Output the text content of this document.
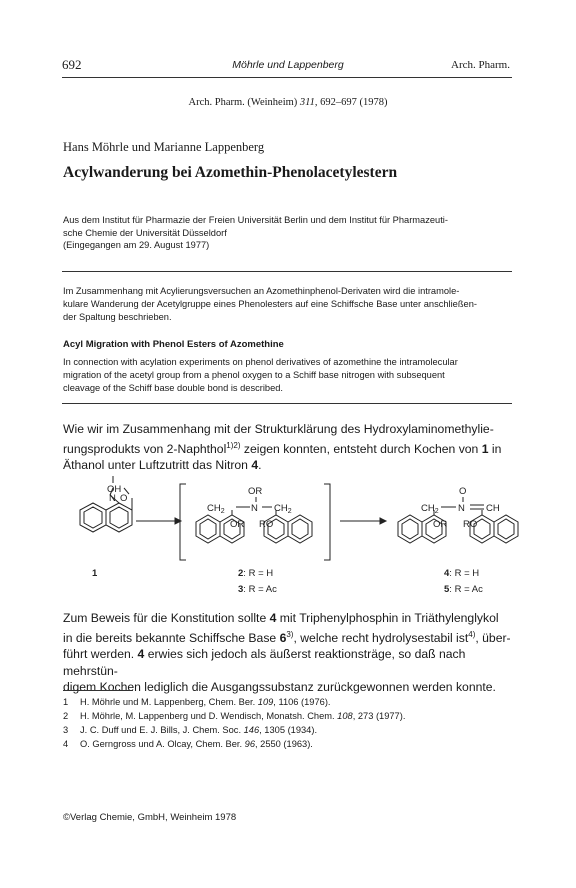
692	Möhrle und Lappenberg	Arch. Pharm.
Arch. Pharm. (Weinheim) 311, 692–697 (1978)
Hans Möhrle und Marianne Lappenberg
Acylwanderung bei Azomethin-Phenolacetylestern
Aus dem Institut für Pharmazie der Freien Universität Berlin und dem Institut für Pharmazeuti-
sche Chemie der Universität Düsseldorf
(Eingegangen am 29. August 1977)
Im Zusammenhang mit Acylierungsversuchen an Azomethinphenol-Derivaten wird die intramole-
kulare Wanderung der Acetylgruppe eines Phenolesters auf eine Schiffsche Base unter anschließen-
der Spaltung beschrieben.
Acyl Migration with Phenol Esters of Azomethine
In connection with acylation experiments on phenol derivatives of azomethine the intramolecular
migration of the acetyl group from a phenol oxygen to a Schiff base nitrogen with subsequent
cleavage of the Schiff base double bond is described.
Wie wir im Zusammenhang mit der Strukturklärung des Hydroxylaminomethylie-
rungsprodukts von 2-Naphthol$^{1)2)}$ zeigen konnten, entsteht durch Kochen von 1 in
Äthanol unter Luftzutritt das Nitron 4.
OH
N O
1
OR
$CH_2$	N $CH_2$
OR RO
2: R = H
3: R = Ac
O
$CH_2$ N CH
OR RO
4: R = H
5: R = Ac
Zum Beweis für die Konstitution sollte 4 mit Triphenylphosphin in Triäthylenglykol
in die bereits bekannte Schiffsche Base 6$^{3)}$, welche recht hydrolysestabil ist$^{4)}$, über-
führt werden. 4 erwies sich jedoch als äußerst reaktionsträge, so daß nach mehrstün-
digem Kochen lediglich die Ausgangssubstanz zurückgewonnen werden konnte.
1 H. Möhrle und M. Lappenberg, Chem. Ber. 109, 1106 (1976).
2 H. Möhrle, M. Lappenberg und D. Wendisch, Monatsh. Chem. 108, 273 (1977).
3 J. C. Duff und E. J. Bills, J. Chem. Soc. 146, 1305 (1934).
4 O. Gerngross und A. Olcay, Chem. Ber. 96, 2550 (1963).
©Verlag Chemie, GmbH, Weinheim 1978
